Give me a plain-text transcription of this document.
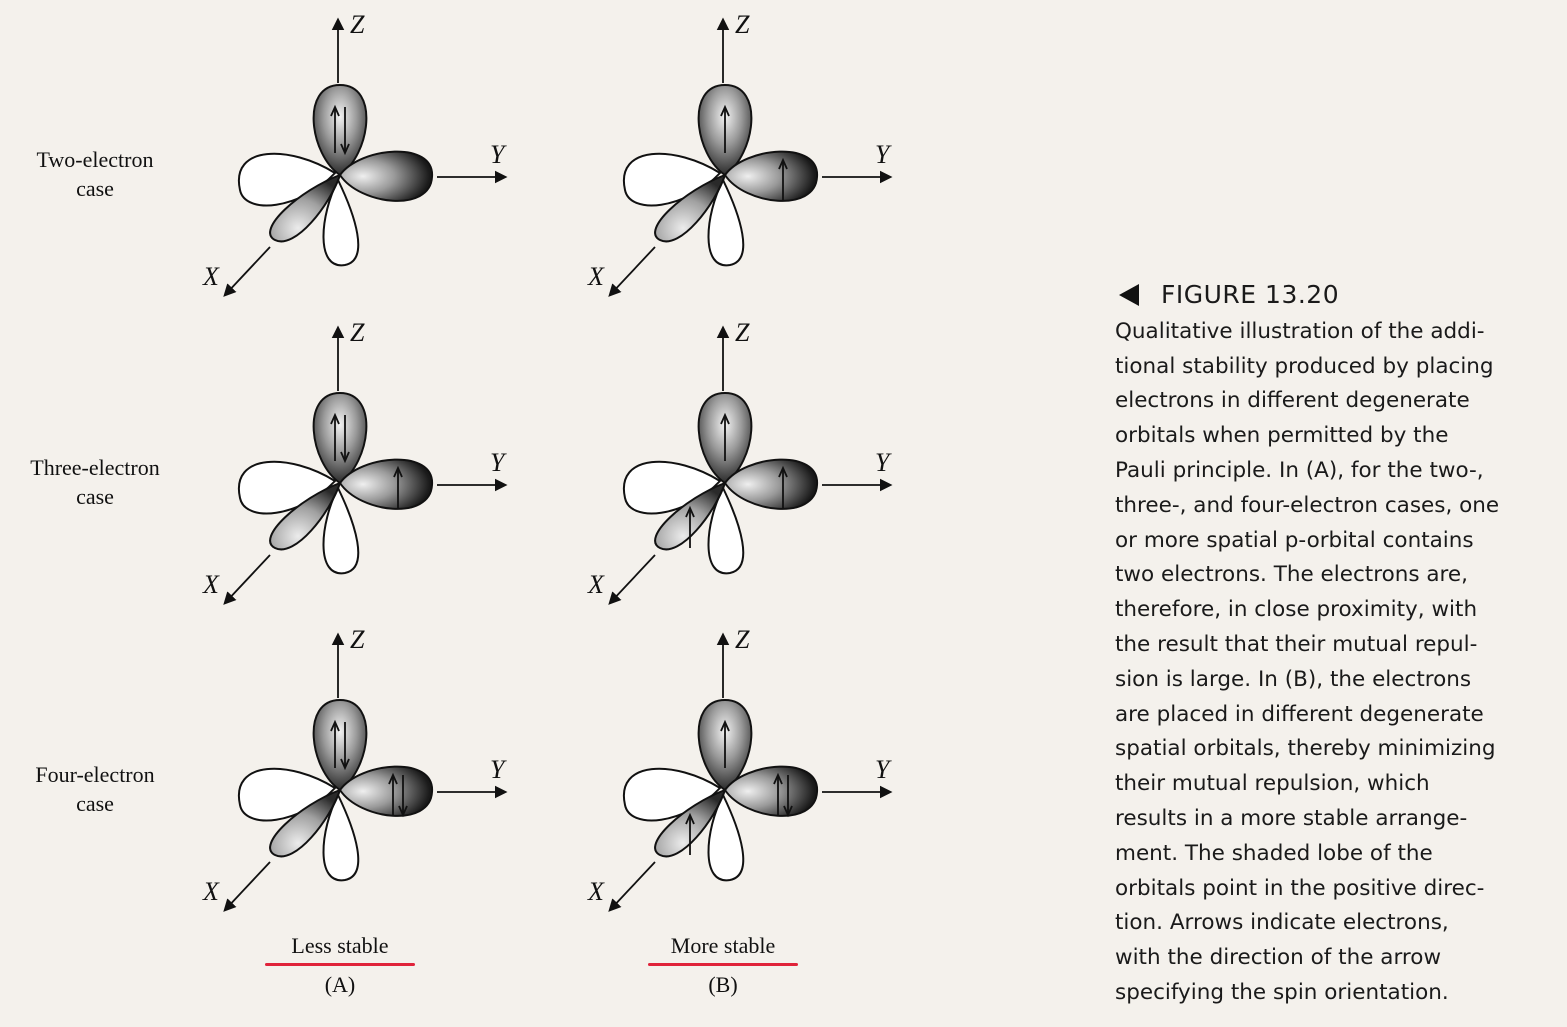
Two-electron
case
Three-electron
case
Four-electron
case
Z
Y
X
Z
Y
X
Z
Y
X
Z
Y
X
Z
Y
X
Z
Y
X
Less stable
(A)
More stable
(B)
FIGURE 13.20
Qualitative illustration of the addi-
tional stability produced by placing
electrons in different degenerate
orbitals when permitted by the
Pauli principle. In (A), for the two-,
three-, and four-electron cases, one
or more spatial p-orbital contains
two electrons. The electrons are,
therefore, in close proximity, with
the result that their mutual repul-
sion is large. In (B), the electrons
are placed in different degenerate
spatial orbitals, thereby minimizing
their mutual repulsion, which
results in a more stable arrange-
ment. The shaded lobe of the
orbitals point in the positive direc-
tion. Arrows indicate electrons,
with the direction of the arrow
specifying the spin orientation.
